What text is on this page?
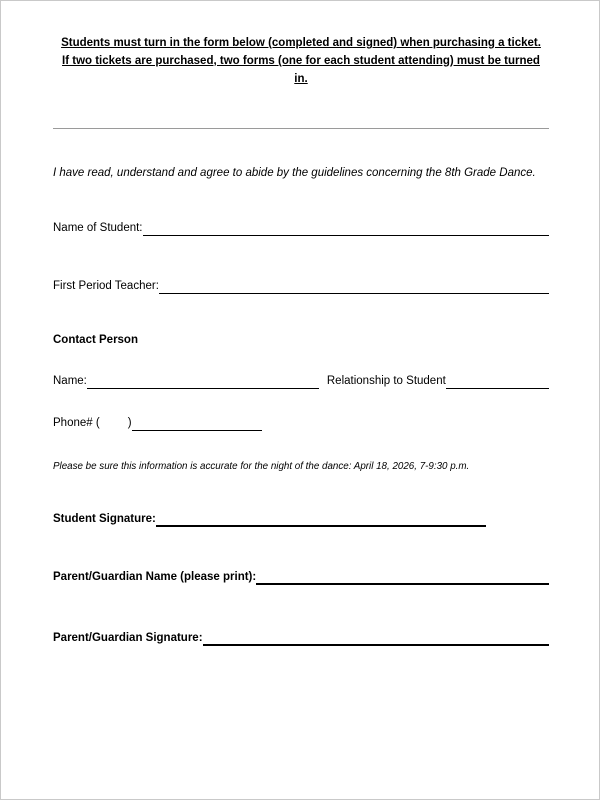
Students must turn in the form below (completed and signed) when purchasing a ticket. If two tickets are purchased, two forms (one for each student attending) must be turned in.

I have read, understand and agree to abide by the guidelines concerning the 8th Grade Dance.

Name of Student:
First Period Teacher:

Contact Person

Name:	Relationship to Student
Phone# ( )

Please be sure this information is accurate for the night of the dance: April 18, 2026, 7-9:30 p.m.

Student Signature:
Parent/Guardian Name (please print):
Parent/Guardian Signature:
